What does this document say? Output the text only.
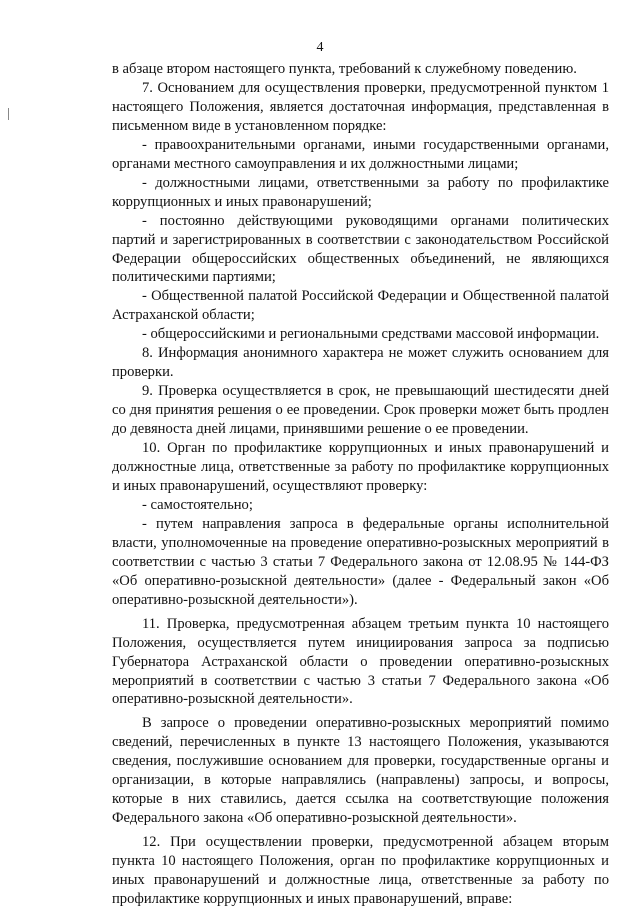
4

в абзаце втором настоящего пункта, требований к служебному поведению.

7. Основанием для осуществления проверки, предусмотренной пунктом 1 настоящего Положения, является достаточная информация, представленная в письменном виде в установленном порядке:

- правоохранительными органами, иными государственными органами, органами местного самоуправления и их должностными лицами;

- должностными лицами, ответственными за работу по профилактике коррупционных и иных правонарушений;

- постоянно действующими руководящими органами политических партий и зарегистрированных в соответствии с законодательством Российской Федерации общероссийских общественных объединений, не являющихся политическими партиями;

- Общественной палатой Российской Федерации и Общественной палатой Астраханской области;

- общероссийскими и региональными средствами массовой информации.

8. Информация анонимного характера не может служить основанием для проверки.

9. Проверка осуществляется в срок, не превышающий шестидесяти дней со дня принятия решения о ее проведении. Срок проверки может быть продлен до девяноста дней лицами, принявшими решение о ее проведении.

10. Орган по профилактике коррупционных и иных правонарушений и должностные лица, ответственные за работу по профилактике коррупционных и иных правонарушений, осуществляют проверку:

- самостоятельно;

- путем направления запроса в федеральные органы исполнительной власти, уполномоченные на проведение оперативно-розыскных мероприятий в соответствии с частью 3 статьи 7 Федерального закона от 12.08.95 № 144-ФЗ «Об оперативно-розыскной деятельности» (далее - Федеральный закон «Об оперативно-розыскной деятельности»).

11. Проверка, предусмотренная абзацем третьим пункта 10 настоящего Положения, осуществляется путем инициирования запроса за подписью Губернатора Астраханской области о проведении оперативно-розыскных мероприятий в соответствии с частью 3 статьи 7 Федерального закона «Об оперативно-розыскной деятельности».

В запросе о проведении оперативно-розыскных мероприятий помимо сведений, перечисленных в пункте 13 настоящего Положения, указываются сведения, послужившие основанием для проверки, государственные органы и организации, в которые направлялись (направлены) запросы, и вопросы, которые в них ставились, дается ссылка на соответствующие положения Федерального закона «Об оперативно-розыскной деятельности».

12. При осуществлении проверки, предусмотренной абзацем вторым пункта 10 настоящего Положения, орган по профилактике коррупционных и иных правонарушений и должностные лица, ответственные за работу по профилактике коррупционных и иных правонарушений, вправе:
